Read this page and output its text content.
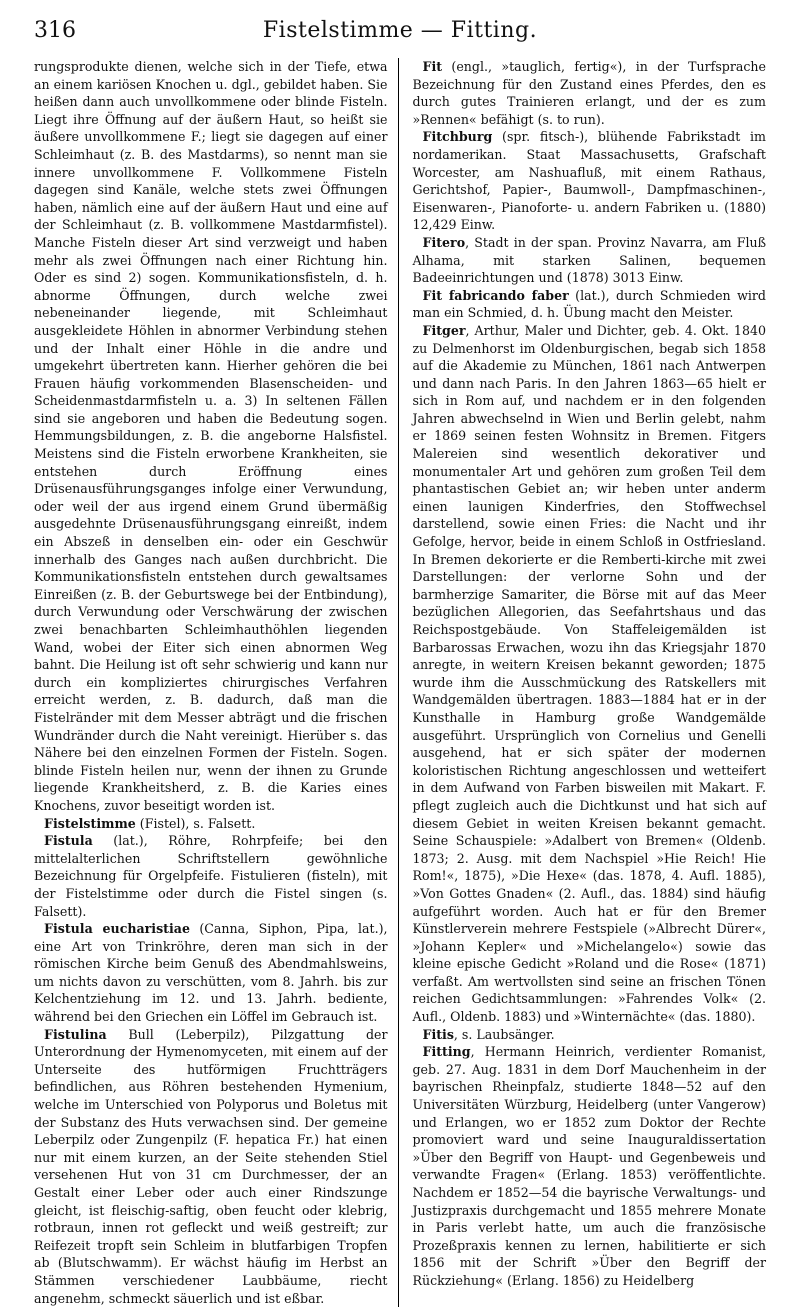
316	Fistelstimme — Fitting.

rungsprodukte dienen, welche sich in der Tiefe, etwa an einem kariösen Knochen u. dgl., gebildet haben. Sie heißen dann auch unvollkommene oder blinde Fisteln. Liegt ihre Öffnung auf der äußern Haut, so heißt sie äußere unvollkommene F.; liegt sie dagegen auf einer Schleimhaut (z. B. des Mastdarms), so nennt man sie innere unvollkommene F. Vollkommene Fisteln dagegen sind Kanäle, welche stets zwei Öffnungen haben, nämlich eine auf der äußern Haut und eine auf der Schleimhaut (z. B. vollkommene Mastdarmfistel). Manche Fisteln dieser Art sind verzweigt und haben mehr als zwei Öffnungen nach einer Richtung hin. Oder es sind 2) sogen. Kommunikationsfisteln, d. h. abnorme Öffnungen, durch welche zwei nebeneinander liegende, mit Schleimhaut ausgekleidete Höhlen in abnormer Verbindung stehen und der Inhalt einer Höhle in die andre und umgekehrt übertreten kann. Hierher gehören die bei Frauen häufig vorkommenden Blasenscheiden- und Scheidenmastdarmfisteln u. a. 3) In seltenen Fällen sind sie angeboren und haben die Bedeutung sogen. Hemmungsbildungen, z. B. die angeborne Halsfistel. Meistens sind die Fisteln erworbene Krankheiten, sie entstehen durch Eröffnung eines Drüsenausführungsganges infolge einer Verwundung, oder weil der aus irgend einem Grund übermäßig ausgedehnte Drüsenausführungsgang einreißt, indem ein Abszeß in denselben ein- oder ein Geschwür innerhalb des Ganges nach außen durchbricht. Die Kommunikationsfisteln entstehen durch gewaltsames Einreißen (z. B. der Geburtswege bei der Entbindung), durch Verwundung oder Verschwärung der zwischen zwei benachbarten Schleimhauthöhlen liegenden Wand, wobei der Eiter sich einen abnormen Weg bahnt. Die Heilung ist oft sehr schwierig und kann nur durch ein kompliziertes chirurgisches Verfahren erreicht werden, z. B. dadurch, daß man die Fistelränder mit dem Messer abträgt und die frischen Wundränder durch die Naht vereinigt. Hierüber s. das Nähere bei den einzelnen Formen der Fisteln. Sogen. blinde Fisteln heilen nur, wenn der ihnen zu Grunde liegende Krankheitsherd, z. B. die Karies eines Knochens, zuvor beseitigt worden ist.

Fistelstimme (Fistel), s. Falsett.

Fistula (lat.), Röhre, Rohrpfeife; bei den mittelalterlichen Schriftstellern gewöhnliche Bezeichnung für Orgelpfeife. Fistulieren (fisteln), mit der Fistelstimme oder durch die Fistel singen (s. Falsett).

Fistula eucharistiae (Canna, Siphon, Pipa, lat.), eine Art von Trinkröhre, deren man sich in der römischen Kirche beim Genuß des Abendmahlsweins, um nichts davon zu verschütten, vom 8. Jahrh. bis zur Kelchentziehung im 12. und 13. Jahrh. bediente, während bei den Griechen ein Löffel im Gebrauch ist.

Fistulina Bull (Leberpilz), Pilzgattung der Unterordnung der Hymenomyceten, mit einem auf der Unterseite des hutförmigen Fruchtträgers befindlichen, aus Röhren bestehenden Hymenium, welche im Unterschied von Polyporus und Boletus mit der Substanz des Huts verwachsen sind. Der gemeine Leberpilz oder Zungenpilz (F. hepatica Fr.) hat einen nur mit einem kurzen, an der Seite stehenden Stiel versehenen Hut von 31 cm Durchmesser, der an Gestalt einer Leber oder auch einer Rindszunge gleicht, ist fleischig-saftig, oben feucht oder klebrig, rotbraun, innen rot gefleckt und weiß gestreift; zur Reifezeit tropft sein Schleim in blutfarbigen Tropfen ab (Blutschwamm). Er wächst häufig im Herbst an Stämmen verschiedener Laubbäume, riecht angenehm, schmeckt säuerlich und ist eßbar.

Fit (engl., »tauglich, fertig«), in der Turfsprache Bezeichnung für den Zustand eines Pferdes, den es durch gutes Trainieren erlangt, und der es zum »Rennen« befähigt (s. to run).

Fitchburg (spr. fitsch-), blühende Fabrikstadt im nordamerikan. Staat Massachusetts, Grafschaft Worcester, am Nashuafluß, mit einem Rathaus, Gerichtshof, Papier-, Baumwoll-, Dampfmaschinen-, Eisenwaren-, Pianoforte- u. andern Fabriken u. (1880) 12,429 Einw.

Fitero, Stadt in der span. Provinz Navarra, am Fluß Alhama, mit starken Salinen, bequemen Badeeinrichtungen und (1878) 3013 Einw.

Fit fabricando faber (lat.), durch Schmieden wird man ein Schmied, d. h. Übung macht den Meister.

Fitger, Arthur, Maler und Dichter, geb. 4. Okt. 1840 zu Delmenhorst im Oldenburgischen, begab sich 1858 auf die Akademie zu München, 1861 nach Antwerpen und dann nach Paris. In den Jahren 1863—65 hielt er sich in Rom auf, und nachdem er in den folgenden Jahren abwechselnd in Wien und Berlin gelebt, nahm er 1869 seinen festen Wohnsitz in Bremen. Fitgers Malereien sind wesentlich dekorativer und monumentaler Art und gehören zum großen Teil dem phantastischen Gebiet an; wir heben unter anderm einen launigen Kinderfries, den Stoffwechsel darstellend, sowie einen Fries: die Nacht und ihr Gefolge, hervor, beide in einem Schloß in Ostfriesland. In Bremen dekorierte er die Remberti-kirche mit zwei Darstellungen: der verlorne Sohn und der barmherzige Samariter, die Börse mit auf das Meer bezüglichen Allegorien, das Seefahrtshaus und das Reichspostgebäude. Von Staffeleigemälden ist Barbarossas Erwachen, wozu ihn das Kriegsjahr 1870 anregte, in weitern Kreisen bekannt geworden; 1875 wurde ihm die Ausschmückung des Ratskellers mit Wandgemälden übertragen. 1883—1884 hat er in der Kunsthalle in Hamburg große Wandgemälde ausgeführt. Ursprünglich von Cornelius und Genelli ausgehend, hat er sich später der modernen koloristischen Richtung angeschlossen und wetteifert in dem Aufwand von Farben bisweilen mit Makart. F. pflegt zugleich auch die Dichtkunst und hat sich auf diesem Gebiet in weiten Kreisen bekannt gemacht. Seine Schauspiele: »Adalbert von Bremen« (Oldenb. 1873; 2. Ausg. mit dem Nachspiel »Hie Reich! Hie Rom!«, 1875), »Die Hexe« (das. 1878, 4. Aufl. 1885), »Von Gottes Gnaden« (2. Aufl., das. 1884) sind häufig aufgeführt worden. Auch hat er für den Bremer Künstlerverein mehrere Festspiele (»Albrecht Dürer«, »Johann Kepler« und »Michelangelo«) sowie das kleine epische Gedicht »Roland und die Rose« (1871) verfaßt. Am wertvollsten sind seine an frischen Tönen reichen Gedichtsammlungen: »Fahrendes Volk« (2. Aufl., Oldenb. 1883) und »Winternächte« (das. 1880).

Fitis, s. Laubsänger.

Fitting, Hermann Heinrich, verdienter Romanist, geb. 27. Aug. 1831 in dem Dorf Mauchenheim in der bayrischen Rheinpfalz, studierte 1848—52 auf den Universitäten Würzburg, Heidelberg (unter Vangerow) und Erlangen, wo er 1852 zum Doktor der Rechte promoviert ward und seine Inauguraldissertation »Über den Begriff von Haupt- und Gegenbeweis und verwandte Fragen« (Erlang. 1853) veröffentlichte. Nachdem er 1852—54 die bayrische Verwaltungs- und Justizpraxis durchgemacht und 1855 mehrere Monate in Paris verlebt hatte, um auch die französische Prozeßpraxis kennen zu lernen, habilitierte er sich 1856 mit der Schrift »Über den Begriff der Rückziehung« (Erlang. 1856) zu Heidelberg
